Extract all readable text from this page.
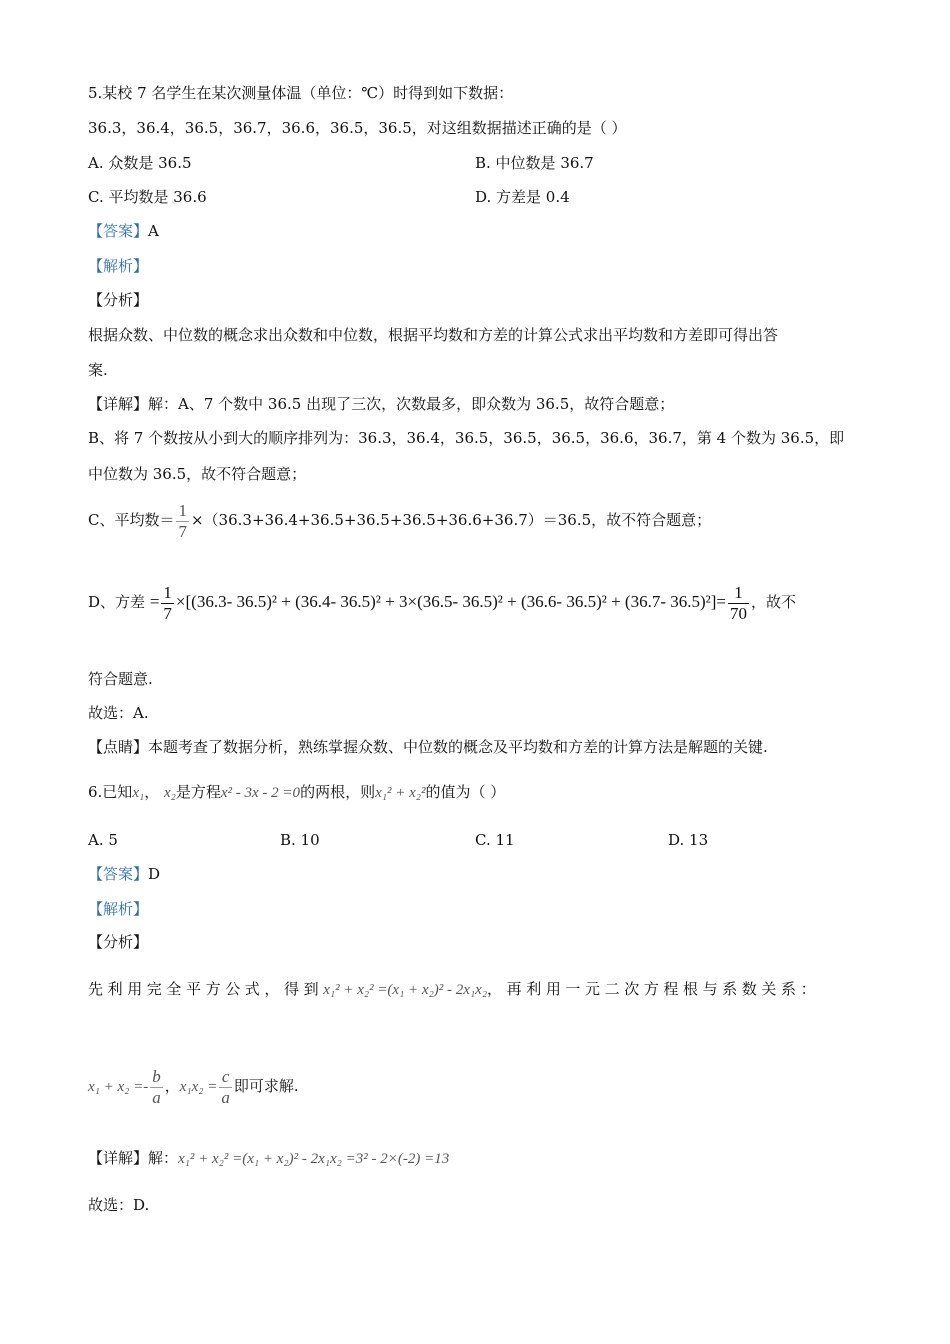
5.某校 7 名学生在某次测量体温（单位：℃）时得到如下数据：
36.3，36.4，36.5，36.7，36.6，36.5，36.5，对这组数据描述正确的是（ ）
A. 众数是 36.5	B. 中位数是 36.7
C. 平均数是 36.6	D. 方差是 0.4
【答案】A
【解析】
【分析】
根据众数、中位数的概念求出众数和中位数，根据平均数和方差的计算公式求出平均数和方差即可得出答
案.
【详解】解：A、7 个数中 36.5 出现了三次，次数最多，即众数为 36.5，故符合题意；
B、将 7 个数按从小到大的顺序排列为：36.3，36.4，36.5，36.5，36.5，36.6，36.7，第 4 个数为 36.5，即
中位数为 36.5，故不符合题意；
C、平均数＝ $\frac{1}{7} \times(36.3+36.4+36.5+36.5+36.5+36.6+36.7)=36.5$，故不符合题意；
D、方差 = $\frac{1}{7} \times[(36.3-$ 36.5)² + (36.4- 36.5)² + 3×(36.5- 36.5)² + (36.6- 36.5)² + (36.7- $36.5)^2]= \frac{1}{70}$ ，故不
符合题意.
故选：A.
【点睛】本题考查了数据分析，熟练掌握众数、中位数的概念及平均数和方差的计算方法是解题的关键.
6.已知x₁， x₂是方程x² - 3x - 2 =0的两根，则x₁² + x₂²的值为（ ）
A. 5	B. 10	C. 11	D. 13
【答案】D
【解析】
【分析】
先利用完全平方公式，得到x₁² + x₂² =(x₁ + x₂)² - 2x₁x₂，再利用一元二次方程根与系数关系：
$x_1 + x_2 =- \frac{b}{a}$ ，$x_1x_2 = \frac{c}{a}$ 即可求解.
【详解】解：x₁² + x₂² =(x₁ + x₂)² - 2x₁x₂ =3² - 2×(-2) =13
故选：D.
